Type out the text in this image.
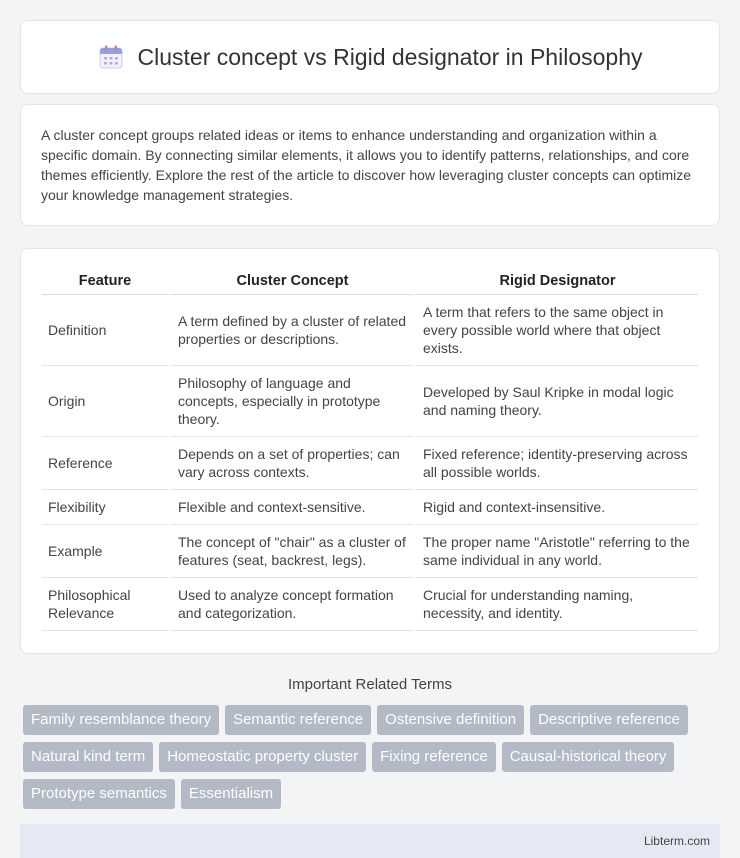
Cluster concept vs Rigid designator in Philosophy

A cluster concept groups related ideas or items to enhance understanding and organization within a specific domain. By connecting similar elements, it allows you to identify patterns, relationships, and core themes efficiently. Explore the rest of the article to discover how leveraging cluster concepts can optimize your knowledge management strategies.

Feature	Cluster Concept	Rigid Designator
Definition	A term defined by a cluster of related properties or descriptions.	A term that refers to the same object in every possible world where that object exists.
Origin	Philosophy of language and concepts, especially in prototype theory.	Developed by Saul Kripke in modal logic and naming theory.
Reference	Depends on a set of properties; can vary across contexts.	Fixed reference; identity-preserving across all possible worlds.
Flexibility	Flexible and context-sensitive.	Rigid and context-insensitive.
Example	The concept of "chair" as a cluster of features (seat, backrest, legs).	The proper name "Aristotle" referring to the same individual in any world.
Philosophical Relevance	Used to analyze concept formation and categorization.	Crucial for understanding naming, necessity, and identity.
Important Related Terms
Family resemblance theory	Semantic reference	Ostensive definition	Descriptive reference
Natural kind term	Homeostatic property cluster	Fixing reference	Causal-historical theory
Prototype semantics	Essentialism
Libterm.com
